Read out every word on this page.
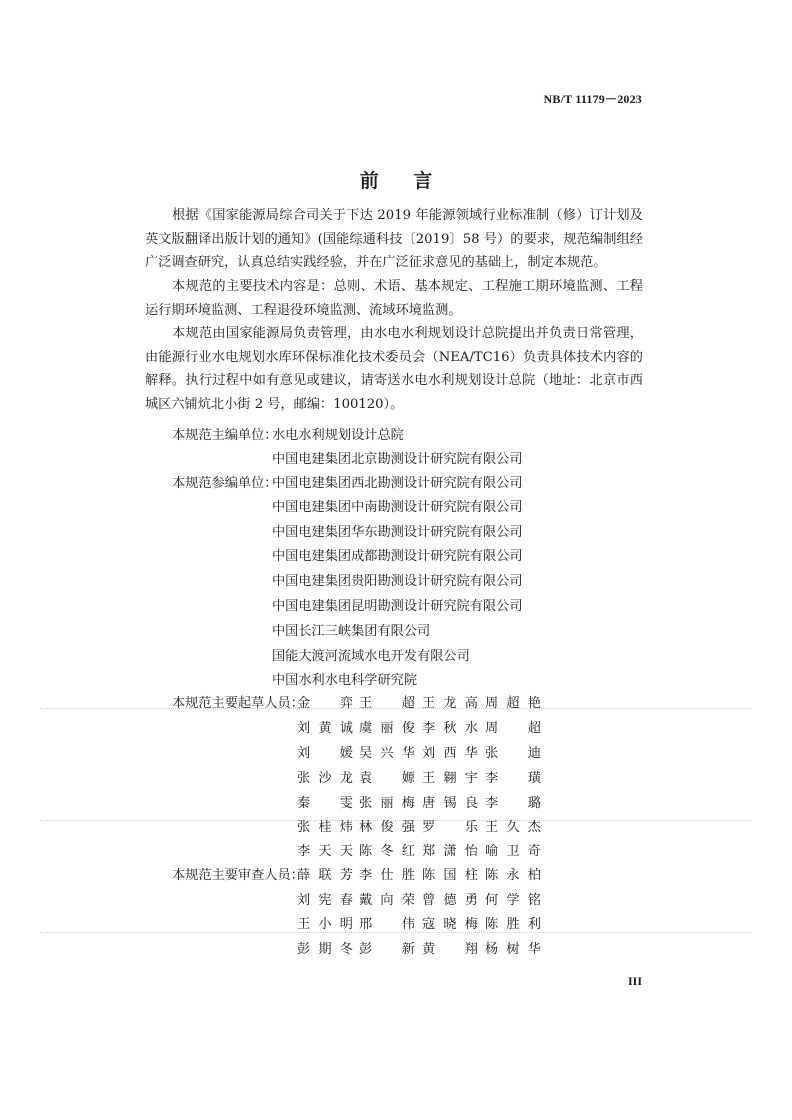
NB/T 11179－2023
前 言

根据《国家能源局综合司关于下达 2019 年能源领域行业标准制（修）订计划及英文版翻译出版计划的通知》(国能综通科技〔2019〕58 号）的要求，规范编制组经广泛调查研究，认真总结实践经验，并在广泛征求意见的基础上，制定本规范。

本规范的主要技术内容是：总则、术语、基本规定、工程施工期环境监测、工程运行期环境监测、工程退役环境监测、流域环境监测。

本规范由国家能源局负责管理，由水电水利规划设计总院提出并负责日常管理，由能源行业水电规划水库环保标准化技术委员会（NEA/TC16）负责具体技术内容的解释。执行过程中如有意见或建议，请寄送水电水利规划设计总院（地址：北京市西城区六铺炕北小街 2 号，邮编：100120）。

本规范主编单位：
水电水利规划设计总院
中国电建集团北京勘测设计研究院有限公司
本规范参编单位：
中国电建集团西北勘测设计研究院有限公司
中国电建集团中南勘测设计研究院有限公司
中国电建集团华东勘测设计研究院有限公司
中国电建集团成都勘测设计研究院有限公司
中国电建集团贵阳勘测设计研究院有限公司
中国电建集团昆明勘测设计研究院有限公司
中国长江三峡集团有限公司
国能大渡河流域水电开发有限公司
中国水利水电科学研究院
本规范主要起草人员：
金 弈 王 超 王龙高 周超艳
刘黄诚 虞丽俊 李秋水 周 超
刘 媛 吴兴华 刘西华 张 迪
张沙龙 袁 嫄 王翱宇 李 璜
秦 雯 张丽梅 唐锡良 李 璐
张桂炜 林俊强 罗 乐 王久杰
李天天 陈冬红 郑潇怡 喻卫奇
本规范主要审查人员：
薛联芳 李仕胜 陈国柱 陈永柏
刘宪春 戴向荣 曾德勇 何学铭
王小明 邢 伟 寇晓梅 陈胜利
彭期冬 彭 新 黄 翔 杨树华
III
